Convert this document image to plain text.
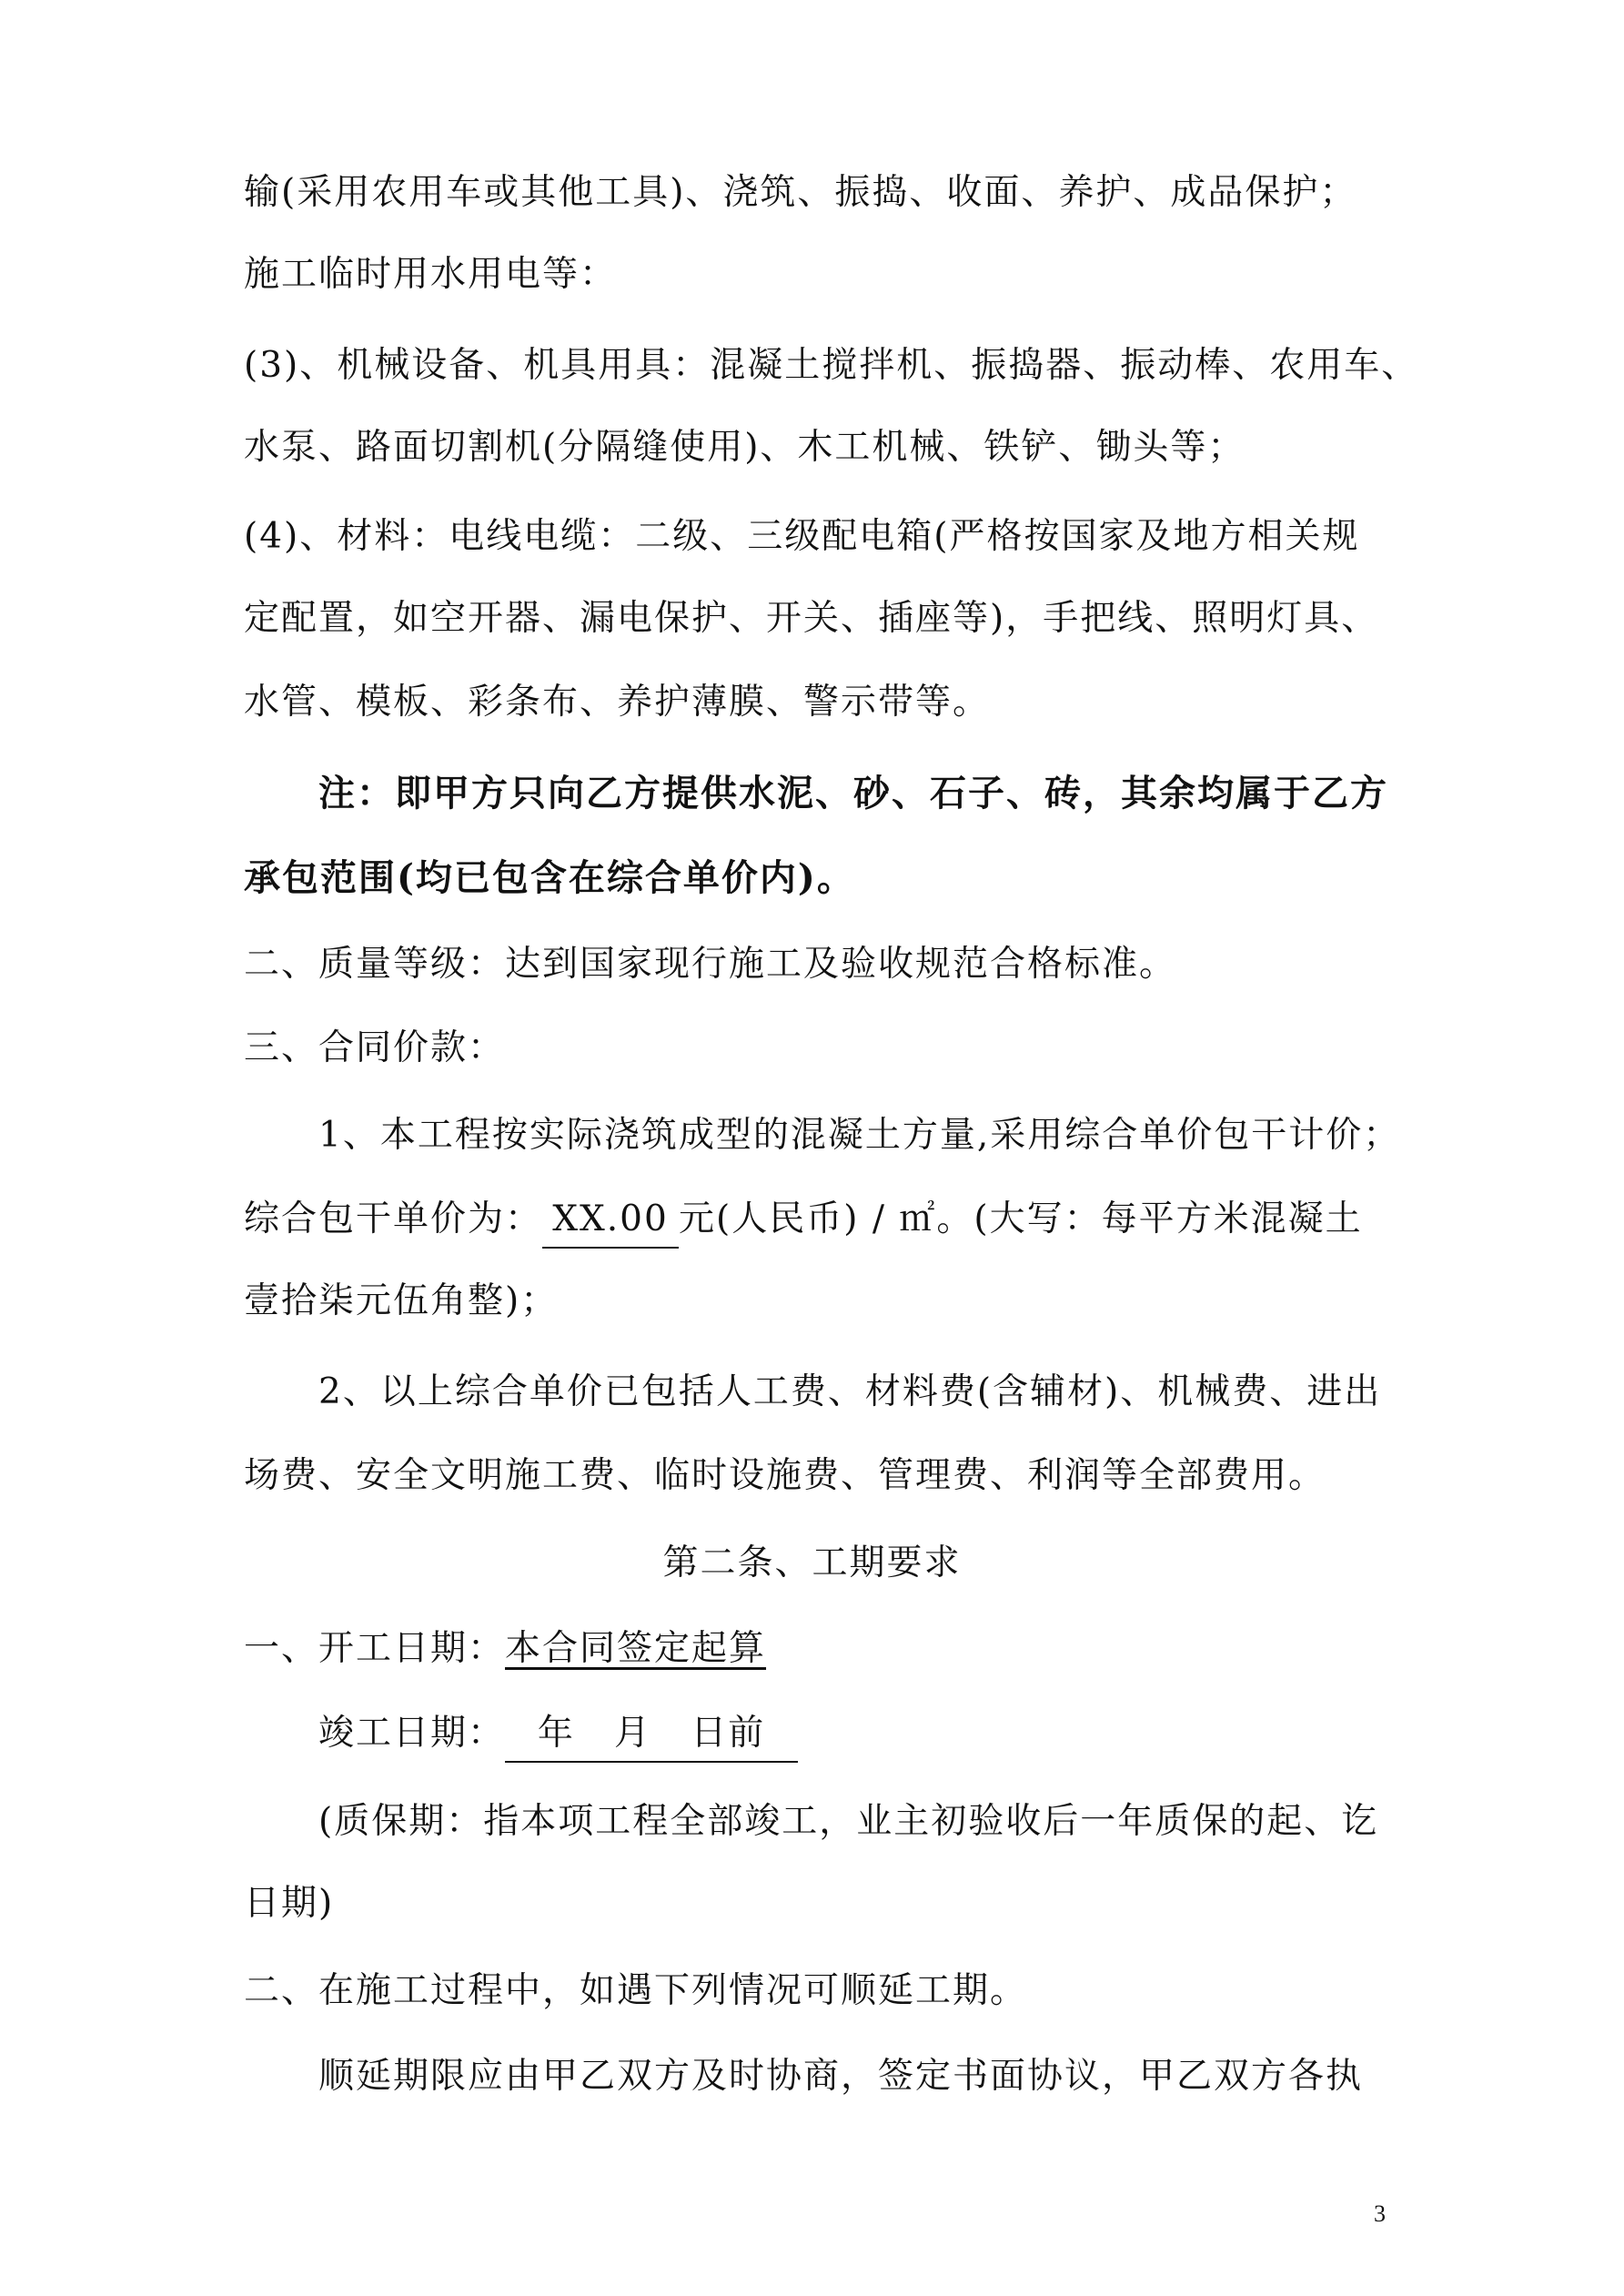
输(采用农用车或其他工具)、浇筑、振捣、收面、养护、成品保护；
施工临时用水用电等：
(3)、机械设备、机具用具：混凝土搅拌机、振捣器、振动棒、农用车、
水泵、路面切割机(分隔缝使用)、木工机械、铁铲、锄头等；
(4)、材料：电线电缆：二级、三级配电箱(严格按国家及地方相关规
定配置，如空开器、漏电保护、开关、插座等)，手把线、照明灯具、
水管、模板、彩条布、养护薄膜、警示带等。
注：即甲方只向乙方提供水泥、砂、石子、砖，其余均属于乙方
承包范围(均已包含在综合单价内)。
二、质量等级：达到国家现行施工及验收规范合格标准。
三、合同价款：
1、本工程按实际浇筑成型的混凝土方量,采用综合单价包干计价；
综合包干单价为： XX.00 元(人民币) / ㎡。(大写：每平方米混凝土
壹拾柒元伍角整)；
2、以上综合单价已包括人工费、材料费(含辅材)、机械费、进出
场费、安全文明施工费、临时设施费、管理费、利润等全部费用。
第二条、工期要求
一、开工日期：本合同签定起算
竣工日期： 年   月   日前
(质保期：指本项工程全部竣工，业主初验收后一年质保的起、讫
日期)
二、在施工过程中，如遇下列情况可顺延工期。
顺延期限应由甲乙双方及时协商，签定书面协议，甲乙双方各执
3
